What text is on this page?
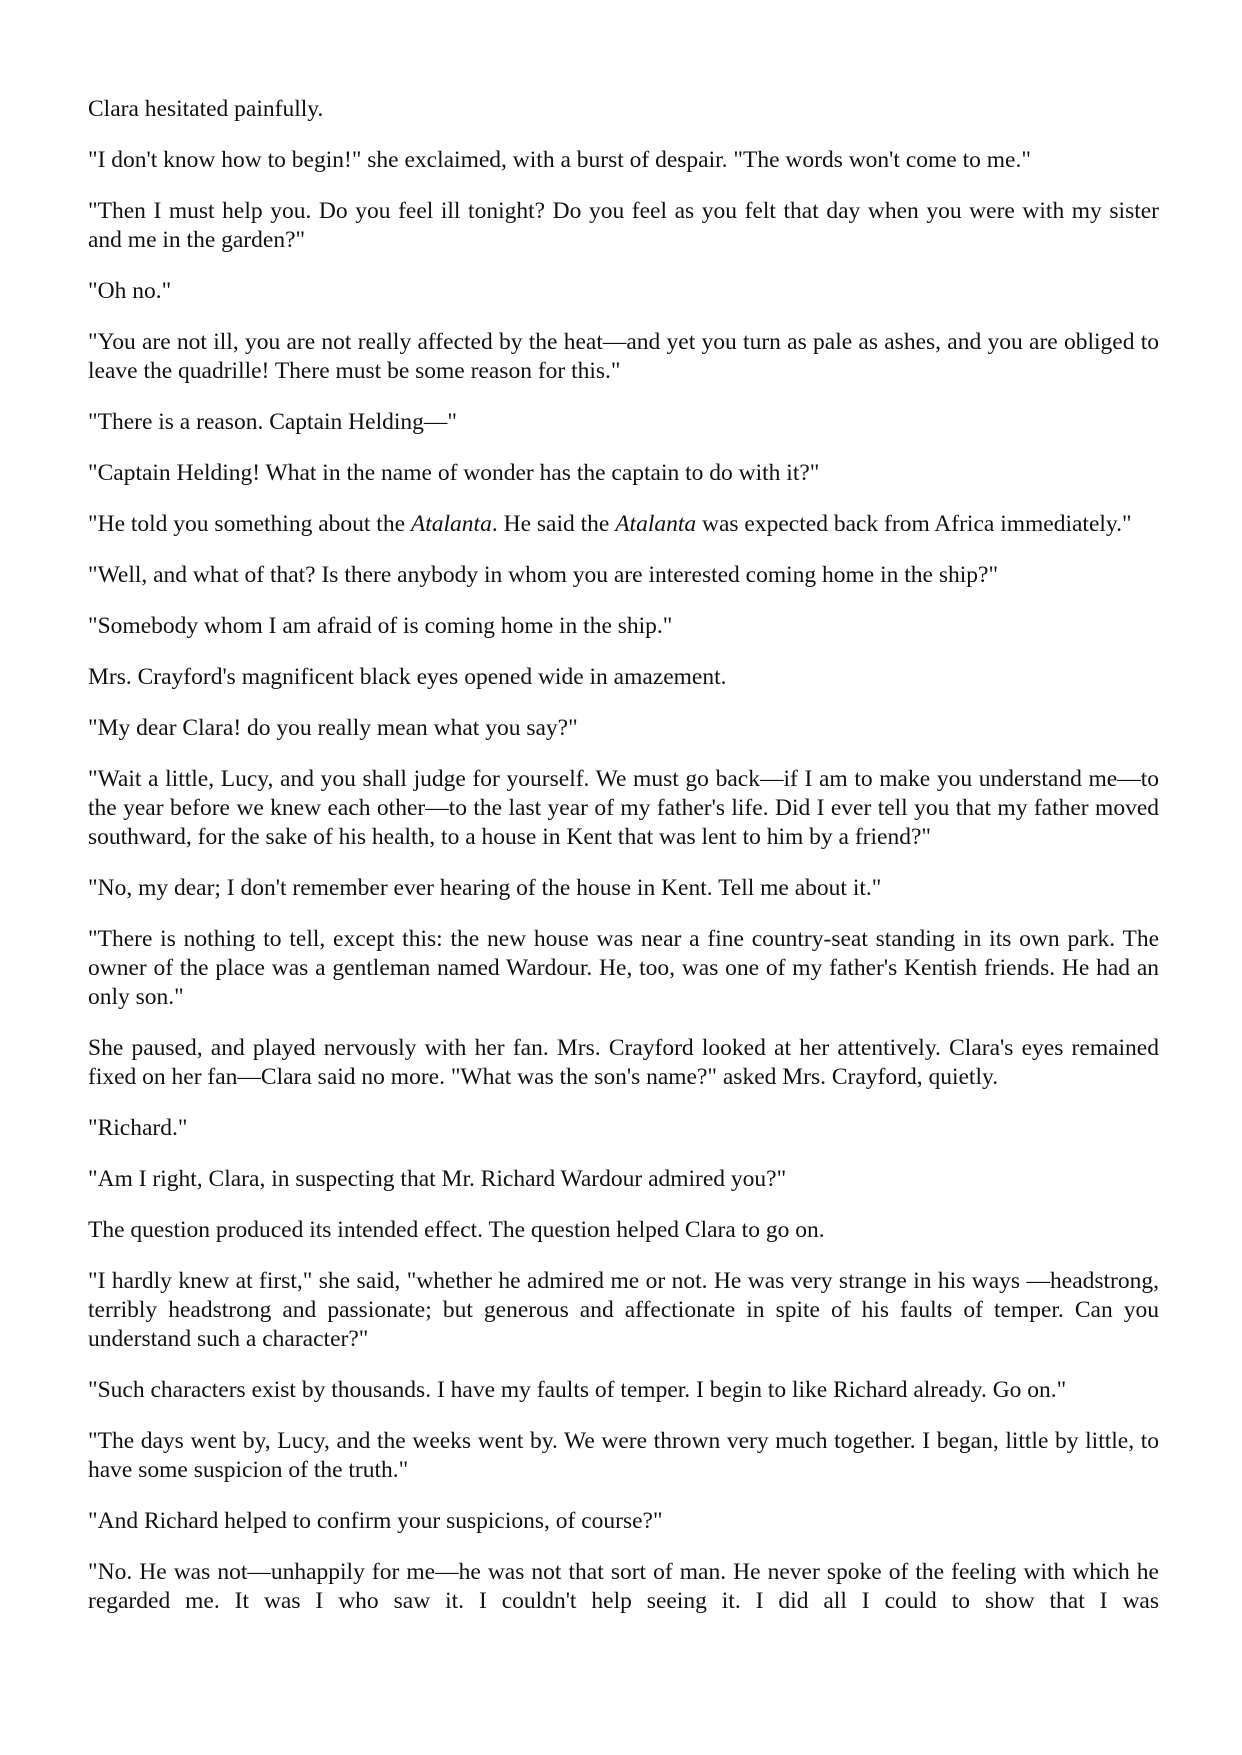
Clara hesitated painfully.

"I don't know how to begin!" she exclaimed, with a burst of despair. "The words won't come to me."

"Then I must help you. Do you feel ill tonight? Do you feel as you felt that day when you were with my sister and me in the garden?"

"Oh no."

"You are not ill, you are not really affected by the heat—and yet you turn as pale as ashes, and you are obliged to leave the quadrille! There must be some reason for this."

"There is a reason. Captain Helding—"

"Captain Helding! What in the name of wonder has the captain to do with it?"

"He told you something about the Atalanta. He said the Atalanta was expected back from Africa immediately."

"Well, and what of that? Is there anybody in whom you are interested coming home in the ship?"

"Somebody whom I am afraid of is coming home in the ship."

Mrs. Crayford's magnificent black eyes opened wide in amazement.

"My dear Clara! do you really mean what you say?"

"Wait a little, Lucy, and you shall judge for yourself. We must go back—if I am to make you understand me—to the year before we knew each other—to the last year of my father's life. Did I ever tell you that my father moved southward, for the sake of his health, to a house in Kent that was lent to him by a friend?"

"No, my dear; I don't remember ever hearing of the house in Kent. Tell me about it."

"There is nothing to tell, except this: the new house was near a fine country-seat standing in its own park. The owner of the place was a gentleman named Wardour. He, too, was one of my father's Kentish friends. He had an only son."

She paused, and played nervously with her fan. Mrs. Crayford looked at her attentively. Clara's eyes remained fixed on her fan—Clara said no more. "What was the son's name?" asked Mrs. Crayford, quietly.

"Richard."

"Am I right, Clara, in suspecting that Mr. Richard Wardour admired you?"

The question produced its intended effect. The question helped Clara to go on.

"I hardly knew at first," she said, "whether he admired me or not. He was very strange in his ways —headstrong, terribly headstrong and passionate; but generous and affectionate in spite of his faults of temper. Can you understand such a character?"

"Such characters exist by thousands. I have my faults of temper. I begin to like Richard already. Go on."

"The days went by, Lucy, and the weeks went by. We were thrown very much together. I began, little by little, to have some suspicion of the truth."

"And Richard helped to confirm your suspicions, of course?"

"No. He was not—unhappily for me—he was not that sort of man. He never spoke of the feeling with which he regarded me. It was I who saw it. I couldn't help seeing it. I did all I could to show that I was
